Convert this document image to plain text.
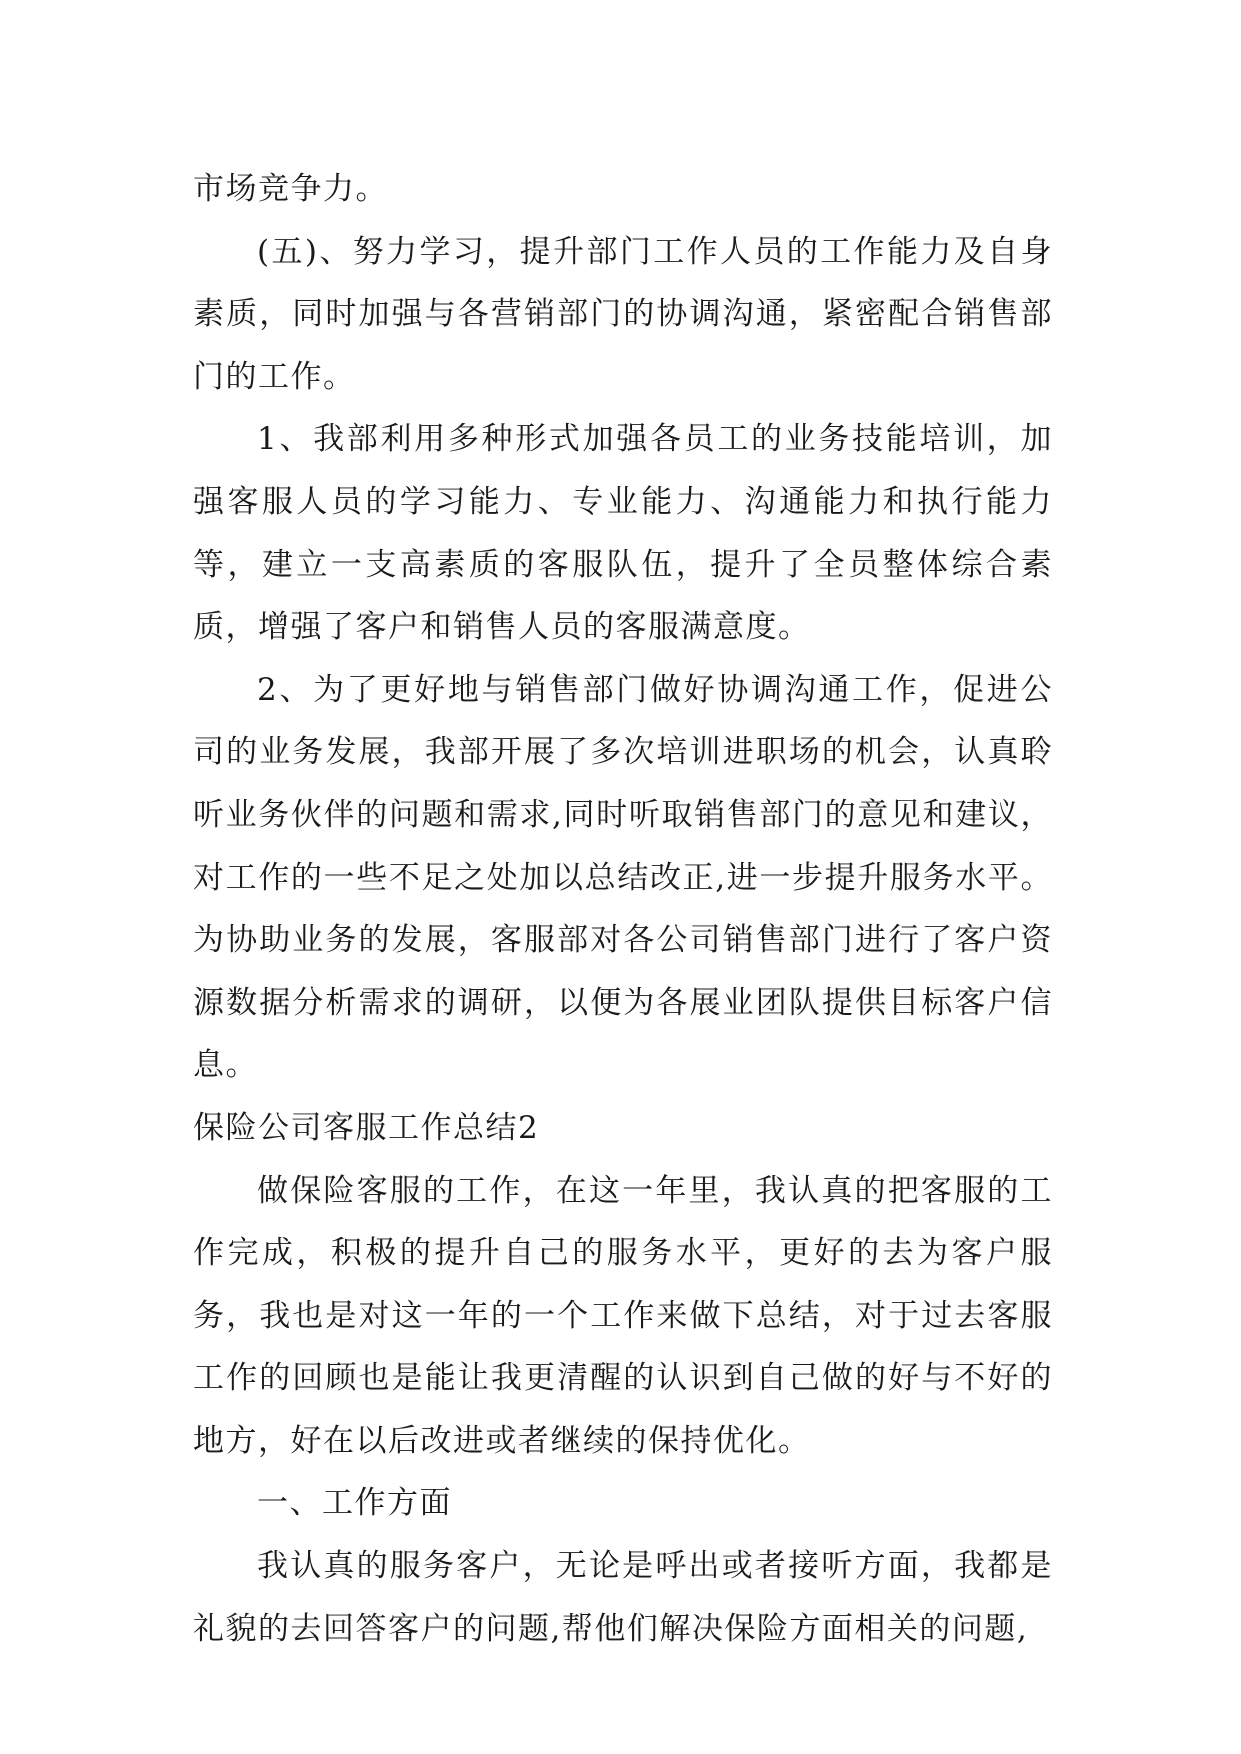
市场竞争力。

(五)、努力学习，提升部门工作人员的工作能力及自身素质，同时加强与各营销部门的协调沟通，紧密配合销售部门的工作。

1、我部利用多种形式加强各员工的业务技能培训，加强客服人员的学习能力、专业能力、沟通能力和执行能力等，建立一支高素质的客服队伍，提升了全员整体综合素质，增强了客户和销售人员的客服满意度。

2、为了更好地与销售部门做好协调沟通工作，促进公司的业务发展，我部开展了多次培训进职场的机会，认真聆听业务伙伴的问题和需求,同时听取销售部门的意见和建议，对工作的一些不足之处加以总结改正,进一步提升服务水平。为协助业务的发展，客服部对各公司销售部门进行了客户资源数据分析需求的调研，以便为各展业团队提供目标客户信息。

保险公司客服工作总结2

做保险客服的工作，在这一年里，我认真的把客服的工作完成，积极的提升自己的服务水平，更好的去为客户服务，我也是对这一年的一个工作来做下总结，对于过去客服工作的回顾也是能让我更清醒的认识到自己做的好与不好的地方，好在以后改进或者继续的保持优化。

一、工作方面

我认真的服务客户，无论是呼出或者接听方面，我都是礼貌的去回答客户的问题,帮他们解决保险方面相关的问题,
